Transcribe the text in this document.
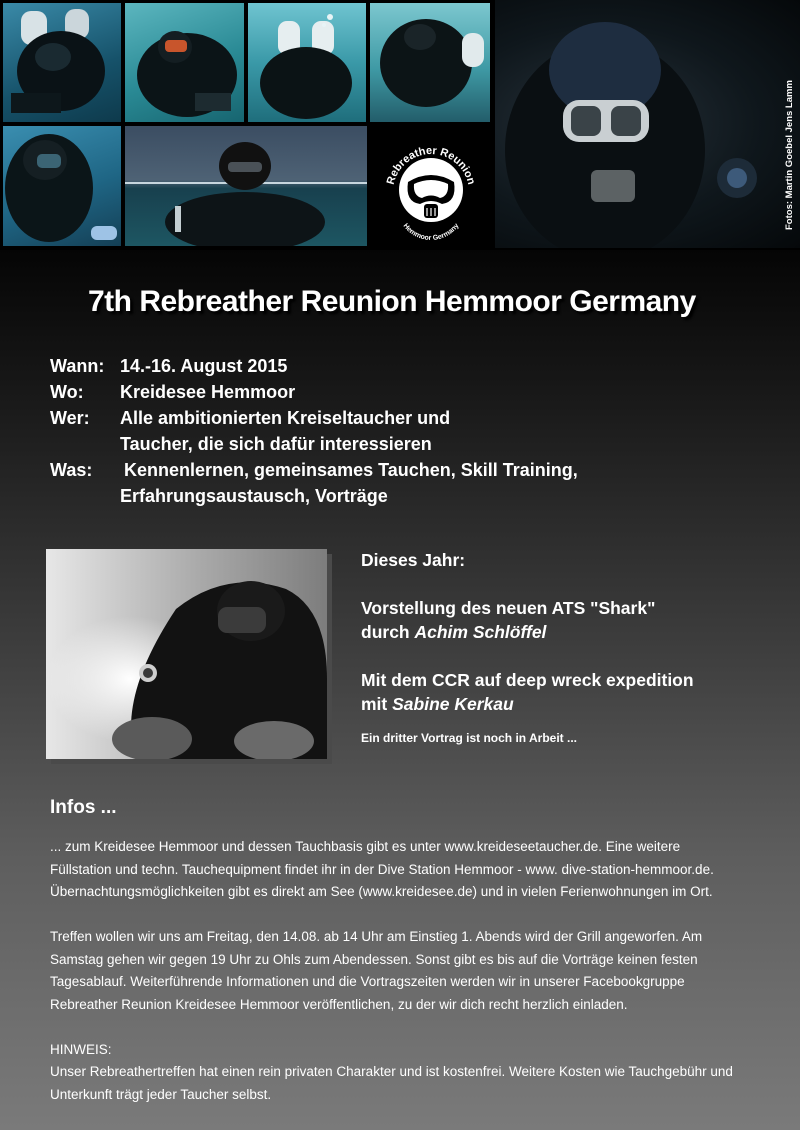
Rebreather Reunion
Hemmoor Germany	Fotos: Martin Goebel Jens Lamm
7th Rebreather Reunion Hemmoor Germany
Wann: 14.-16. August 2015
Wo: Kreidesee Hemmoor
Wer: Alle ambitionierten Kreiseltaucher und
Taucher, die sich dafür interessieren
Was: Kennenlernen, gemeinsames Tauchen, Skill Training,
Erfahrungsaustausch, Vorträge
Dieses Jahr:
Vorstellung des neuen ATS "Shark"
durch Achim Schlöffel
Mit dem CCR auf deep wreck expedition
mit Sabine Kerkau
Ein dritter Vortrag ist noch in Arbeit ...
Infos ...

... zum Kreidesee Hemmoor und dessen Tauchbasis gibt es unter www.kreideseetaucher.de. Eine weitere
Füllstation und techn. Tauchequipment findet ihr in der Dive Station Hemmoor - www. dive-station-hemmoor.de.
Übernachtungsmöglichkeiten gibt es direkt am See (www.kreidesee.de) und in vielen Ferienwohnungen im Ort.

Treffen wollen wir uns am Freitag, den 14.08. ab 14 Uhr am Einstieg 1. Abends wird der Grill angeworfen. Am
Samstag gehen wir gegen 19 Uhr zu Ohls zum Abendessen. Sonst gibt es bis auf die Vorträge keinen festen
Tagesablauf. Weiterführende Informationen und die Vortragszeiten werden wir in unserer Facebookgruppe
Rebreather Reunion Kreidesee Hemmoor veröffentlichen, zu der wir dich recht herzlich einladen.

HINWEIS:
Unser Rebreathertreffen hat einen rein privaten Charakter und ist kostenfrei. Weitere Kosten wie Tauchgebühr und
Unterkunft trägt jeder Taucher selbst.
